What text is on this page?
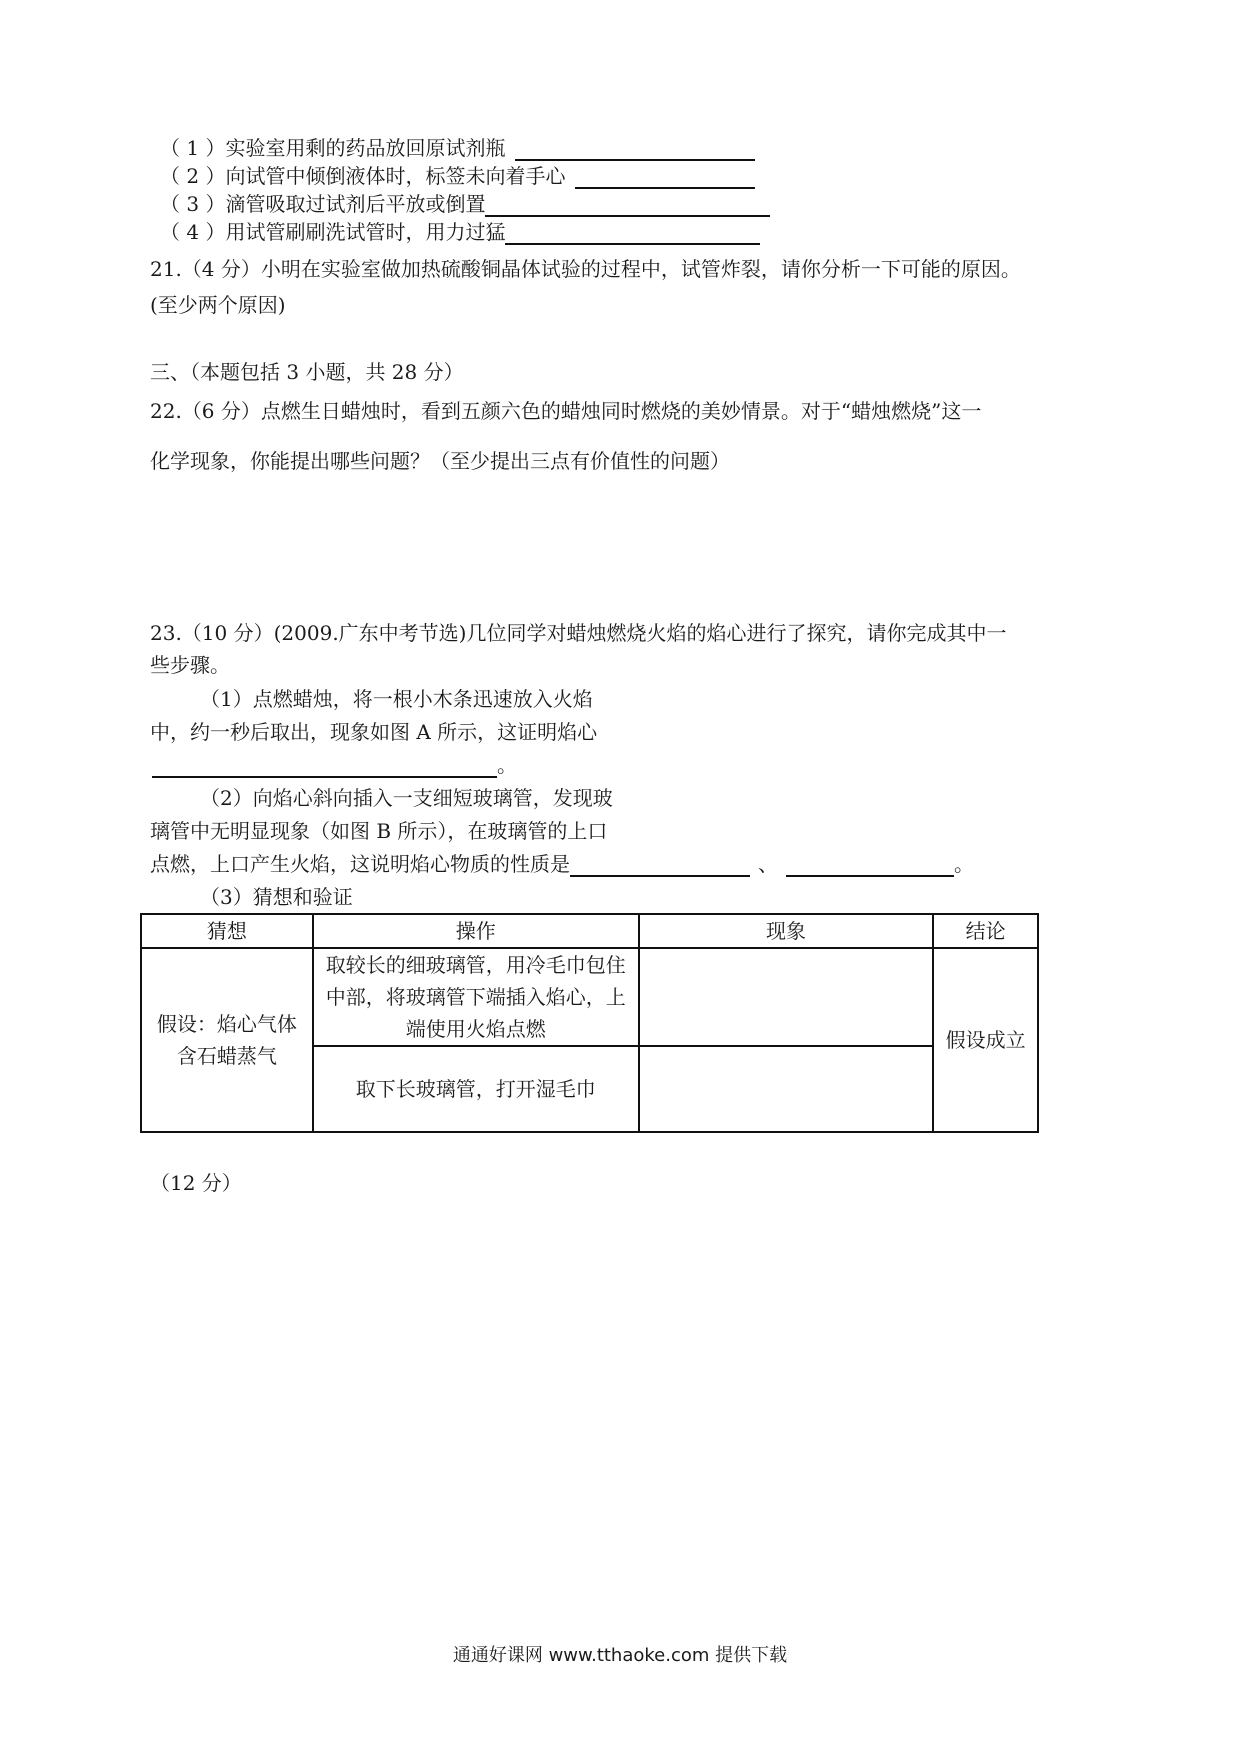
（ 1 ）实验室用剩的药品放回原试剂瓶
（ 2 ）向试管中倾倒液体时，标签未向着手心
（ 3 ）滴管吸取过试剂后平放或倒置
（ 4 ）用试管刷刷洗试管时，用力过猛
21.（4 分）小明在实验室做加热硫酸铜晶体试验的过程中，试管炸裂，请你分析一下可能的原因。
(至少两个原因)
三、（本题包括 3 小题，共 28 分）
22.（6 分）点燃生日蜡烛时，看到五颜六色的蜡烛同时燃烧的美妙情景。对于“蜡烛燃烧”这一
化学现象，你能提出哪些问题？（至少提出三点有价值性的问题）
23.（10 分）(2009.广东中考节选)几位同学对蜡烛燃烧火焰的焰心进行了探究，请你完成其中一
些步骤。
（1）点燃蜡烛，将一根小木条迅速放入火焰
中，约一秒后取出，现象如图 A 所示，这证明焰心
。
（2）向焰心斜向插入一支细短玻璃管，发现玻
璃管中无明显现象（如图 B 所示），在玻璃管的上口
点燃，上口产生火焰，这说明焰心物质的性质是	、	。
（3）猜想和验证
猜想	操作	现象	结论
假设：焰心气体含石蜡蒸气	取较长的细玻璃管，用冷毛巾包住中部，将玻璃管下端插入焰心，上端使用火焰点燃		假设成立
	取下长玻璃管，打开湿毛巾		
（12 分）
通通好课网 www.tthaoke.com 提供下载
